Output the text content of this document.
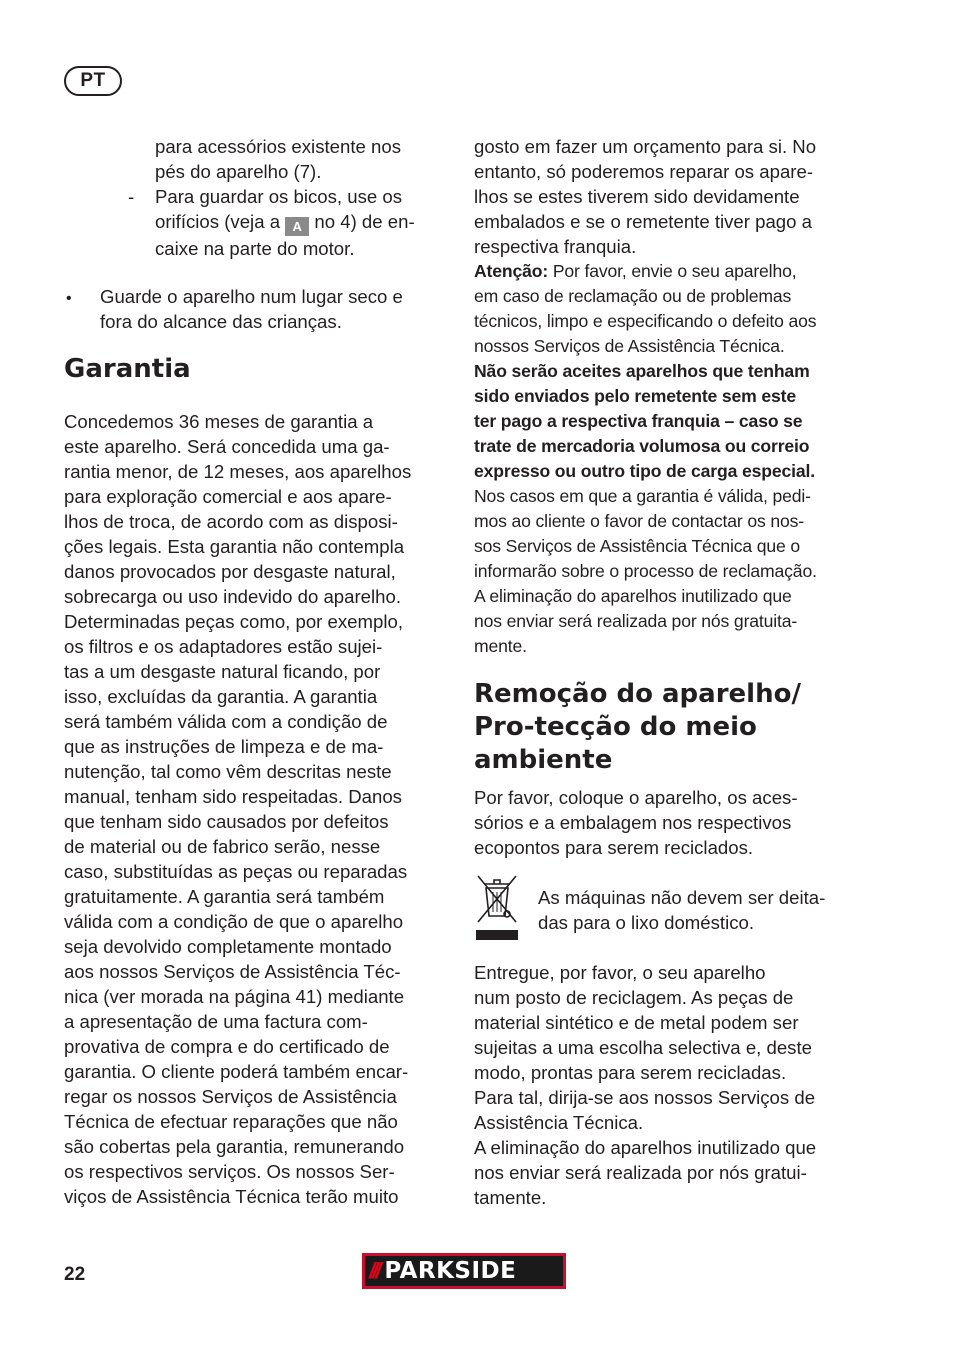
PT
para acessórios existente nos
pés do aparelho (7).
- Para guardar os bicos, use os
orifícios (veja a A no 4) de en-
caixe na parte do motor.
• Guarde o aparelho num lugar seco e
fora do alcance das crianças.
Garantia
Concedemos 36 meses de garantia a
este aparelho. Será concedida uma ga-
rantia menor, de 12 meses, aos aparelhos
para exploração comercial e aos apare-
lhos de troca, de acordo com as disposi-
ções legais. Esta garantia não contempla
danos provocados por desgaste natural,
sobrecarga ou uso indevido do aparelho.
Determinadas peças como, por exemplo,
os filtros e os adaptadores estão sujei-
tas a um desgaste natural ficando, por
isso, excluídas da garantia. A garantia
será também válida com a condição de
que as instruções de limpeza e de ma-
nutenção, tal como vêm descritas neste
manual, tenham sido respeitadas. Danos
que tenham sido causados por defeitos
de material ou de fabrico serão, nesse
caso, substituídas as peças ou reparadas
gratuitamente. A garantia será também
válida com a condição de que o aparelho
seja devolvido completamente montado
aos nossos Serviços de Assistência Téc-
nica (ver morada na página 41) mediante
a apresentação de uma factura com-
provativa de compra e do certificado de
garantia. O cliente poderá também encar-
regar os nossos Serviços de Assistência
Técnica de efectuar reparações que não
são cobertas pela garantia, remunerando
os respectivos serviços. Os nossos Ser-
viços de Assistência Técnica terão muito
gosto em fazer um orçamento para si. No
entanto, só poderemos reparar os apare-
lhos se estes tiverem sido devidamente
embalados e se o remetente tiver pago a
respectiva franquia.
Atenção: Por favor, envie o seu aparelho,
em caso de reclamação ou de problemas
técnicos, limpo e especificando o defeito aos
nossos Serviços de Assistência Técnica.
Não serão aceites aparelhos que tenham
sido enviados pelo remetente sem este
ter pago a respectiva franquia – caso se
trate de mercadoria volumosa ou correio
expresso ou outro tipo de carga especial.
Nos casos em que a garantia é válida, pedi-
mos ao cliente o favor de contactar os nos-
sos Serviços de Assistência Técnica que o
informarão sobre o processo de reclamação.
A eliminação do aparelhos inutilizado que
nos enviar será realizada por nós gratuita-
mente.
Remoção do aparelho/
Pro-tecção do meio
ambiente
Por favor, coloque o aparelho, os aces-
sórios e a embalagem nos respectivos
ecopontos para serem reciclados.
As máquinas não devem ser deita-
das para o lixo doméstico.
Entregue, por favor, o seu aparelho
num posto de reciclagem. As peças de
material sintético e de metal podem ser
sujeitas a uma escolha selectiva e, deste
modo, prontas para serem recicladas.
Para tal, dirija-se aos nossos Serviços de
Assistência Técnica.
A eliminação do aparelhos inutilizado que
nos enviar será realizada por nós gratui-
tamente.
22	/// PARKSIDE
